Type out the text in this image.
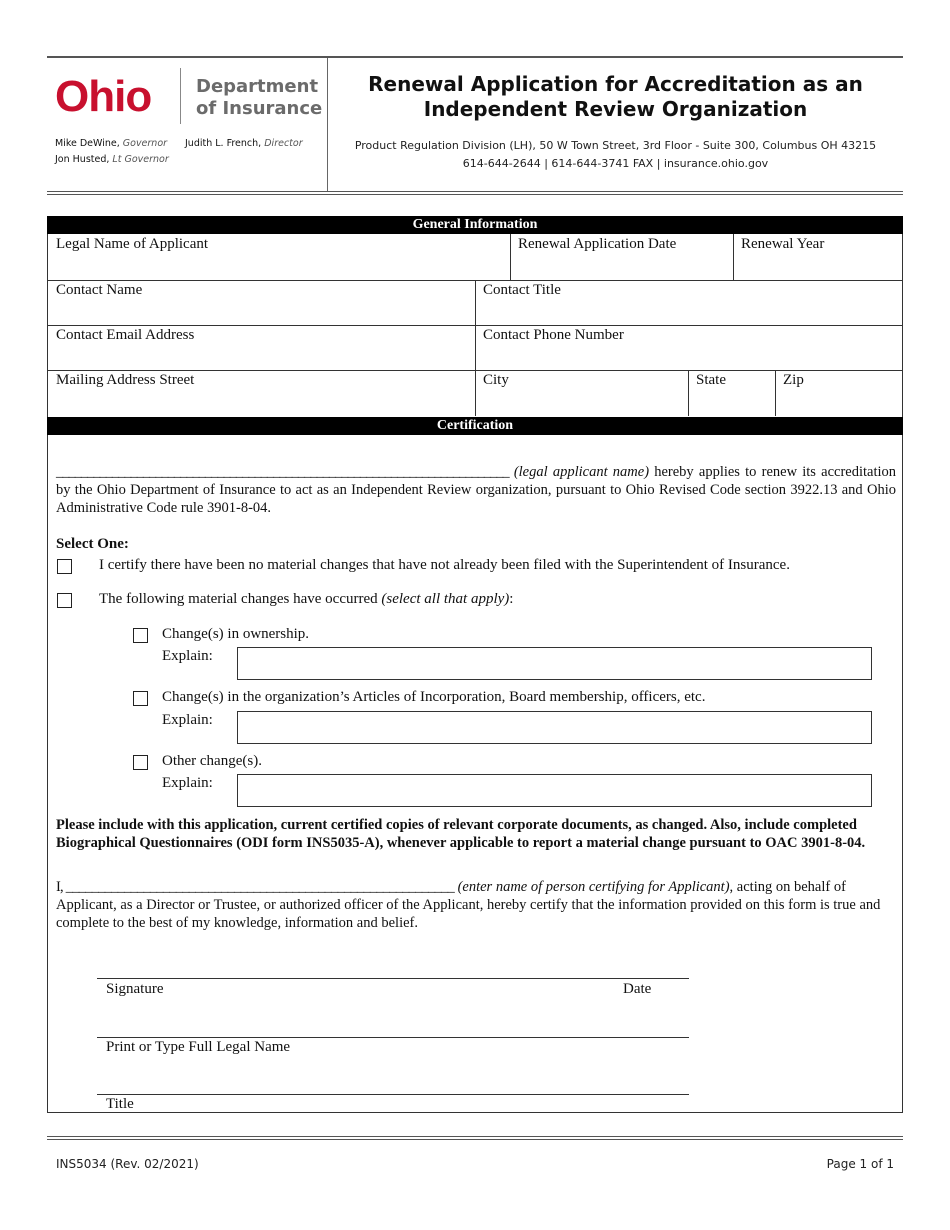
Ohio Department
of Insurance
Mike DeWine, Governor Judith L. French, Director
Jon Husted, Lt Governor
Renewal Application for Accreditation as an
Independent Review Organization
Product Regulation Division (LH), 50 W Town Street, 3rd Floor - Suite 300, Columbus OH 43215
614-644-2644 | 614-644-3741 FAX | insurance.ohio.gov
General Information
Legal Name of Applicant	Renewal Application Date	Renewal Year
Contact Name	Contact Title
Contact Email Address	Contact Phone Number
Mailing Address Street	City	State	Zip
Certification
_________________________________________________________________________ (legal applicant name) hereby applies to renew its accreditation by the Ohio Department of Insurance to act as an Independent Review organization, pursuant to Ohio Revised Code section 3922.13 and Ohio Administrative Code rule 3901-8-04.
Select One:
I certify there have been no material changes that have not already been filed with the Superintendent of Insurance.
The following material changes have occurred (select all that apply):
Change(s) in ownership.
Explain:
Change(s) in the organization’s Articles of Incorporation, Board membership, officers, etc.
Explain:
Other change(s).
Explain:
Please include with this application, current certified copies of relevant corporate documents, as changed. Also, include completed Biographical Questionnaires (ODI form INS5035-A), whenever applicable to report a material change pursuant to OAC 3901-8-04.
I, ____________________________________________________________ (enter name of person certifying for Applicant), acting on behalf of Applicant, as a Director or Trustee, or authorized officer of the Applicant, hereby certify that the information provided on this form is true and complete to the best of my knowledge, information and belief.
Signature	Date
Print or Type Full Legal Name
Title
INS5034 (Rev. 02/2021)	Page 1 of 1
